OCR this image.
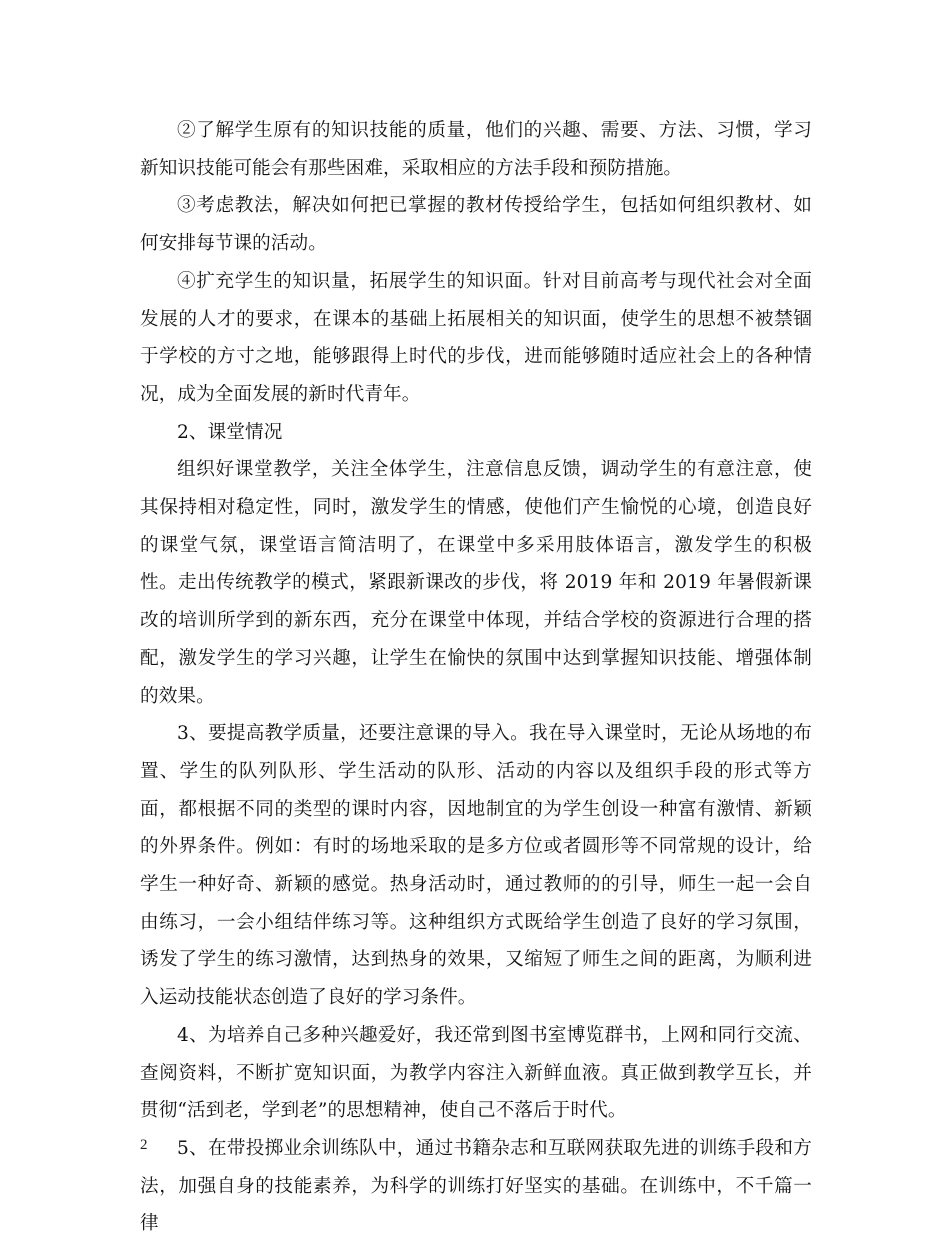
②了解学生原有的知识技能的质量，他们的兴趣、需要、方法、习惯，学习新知识技能可能会有那些困难，采取相应的方法手段和预防措施。

③考虑教法，解决如何把已掌握的教材传授给学生，包括如何组织教材、如何安排每节课的活动。

④扩充学生的知识量，拓展学生的知识面。针对目前高考与现代社会对全面发展的人才的要求，在课本的基础上拓展相关的知识面，使学生的思想不被禁锢于学校的方寸之地，能够跟得上时代的步伐，进而能够随时适应社会上的各种情况，成为全面发展的新时代青年。

2、课堂情况

组织好课堂教学，关注全体学生，注意信息反馈，调动学生的有意注意，使其保持相对稳定性，同时，激发学生的情感，使他们产生愉悦的心境，创造良好的课堂气氛，课堂语言简洁明了，在课堂中多采用肢体语言，激发学生的积极性。走出传统教学的模式，紧跟新课改的步伐，将 2019 年和 2019 年暑假新课改的培训所学到的新东西，充分在课堂中体现，并结合学校的资源进行合理的搭配，激发学生的学习兴趣，让学生在愉快的氛围中达到掌握知识技能、增强体制的效果。

3、要提高教学质量，还要注意课的导入。我在导入课堂时，无论从场地的布置、学生的队列队形、学生活动的队形、活动的内容以及组织手段的形式等方面，都根据不同的类型的课时内容，因地制宜的为学生创设一种富有激情、新颖的外界条件。例如：有时的场地采取的是多方位或者圆形等不同常规的设计，给学生一种好奇、新颖的感觉。热身活动时，通过教师的的引导，师生一起一会自由练习，一会小组结伴练习等。这种组织方式既给学生创造了良好的学习氛围，诱发了学生的练习激情，达到热身的效果，又缩短了师生之间的距离，为顺利进入运动技能状态创造了良好的学习条件。

4、为培养自己多种兴趣爱好，我还常到图书室博览群书，上网和同行交流、查阅资料，不断扩宽知识面，为教学内容注入新鲜血液。真正做到教学互长，并贯彻“活到老，学到老”的思想精神，使自己不落后于时代。

5、在带投掷业余训练队中，通过书籍杂志和互联网获取先进的训练手段和方法，加强自身的技能素养，为科学的训练打好坚实的基础。在训练中，不千篇一律

2
